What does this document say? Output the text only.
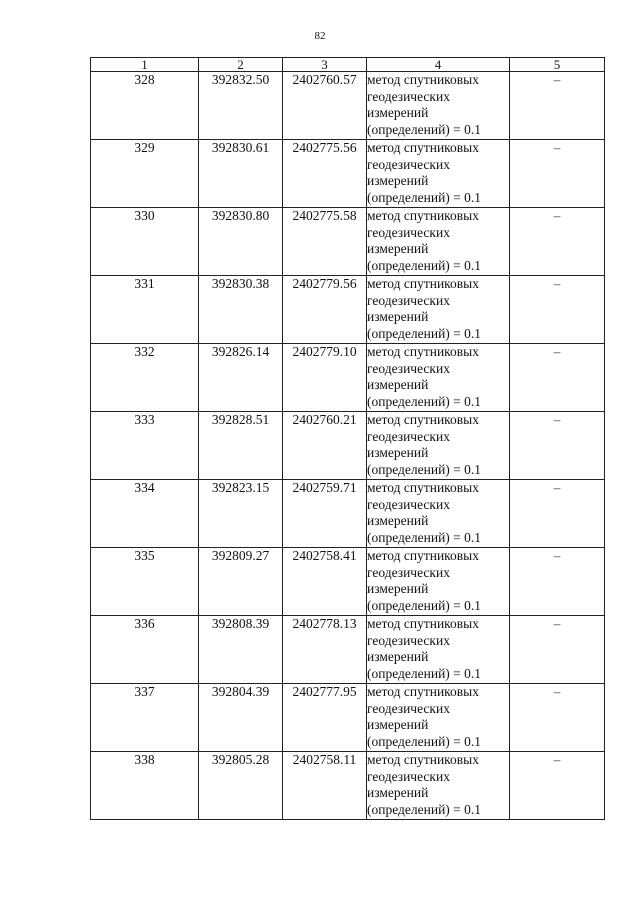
82
1	2	3	4	5
328	392832.50	2402760.57	метод спутниковых
геодезических
измерений
(определений) = 0.1	–
329	392830.61	2402775.56	метод спутниковых
геодезических
измерений
(определений) = 0.1	–
330	392830.80	2402775.58	метод спутниковых
геодезических
измерений
(определений) = 0.1	–
331	392830.38	2402779.56	метод спутниковых
геодезических
измерений
(определений) = 0.1	–
332	392826.14	2402779.10	метод спутниковых
геодезических
измерений
(определений) = 0.1	–
333	392828.51	2402760.21	метод спутниковых
геодезических
измерений
(определений) = 0.1	–
334	392823.15	2402759.71	метод спутниковых
геодезических
измерений
(определений) = 0.1	–
335	392809.27	2402758.41	метод спутниковых
геодезических
измерений
(определений) = 0.1	–
336	392808.39	2402778.13	метод спутниковых
геодезических
измерений
(определений) = 0.1	–
337	392804.39	2402777.95	метод спутниковых
геодезических
измерений
(определений) = 0.1	–
338	392805.28	2402758.11	метод спутниковых
геодезических
измерений
(определений) = 0.1	–
